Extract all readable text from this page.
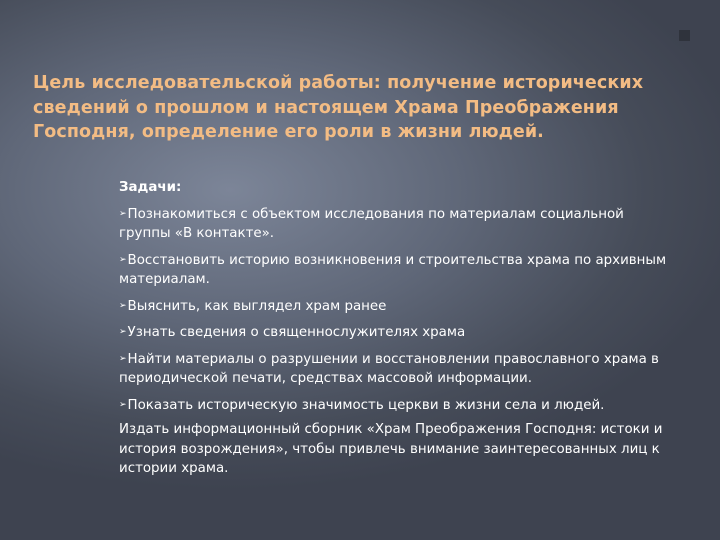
Цель исследовательской работы: получение исторических сведений о прошлом и настоящем Храма Преображения Господня, определение его роли в жизни людей.
Задачи:
➢Познакомиться с объектом исследования по материалам социальной группы «В контакте».
➢Восстановить историю возникновения и строительства храма по архивным материалам.
➢Выяснить, как выглядел храм ранее
➢Узнать сведения о священнослужителях храма
➢Найти материалы о разрушении и восстановлении православного храма в периодической печати, средствах массовой информации.
➢Показать историческую значимость церкви в жизни села и людей.

Издать информационный сборник «Храм Преображения Господня: истоки и история возрождения», чтобы привлечь внимание заинтересованных лиц к истории храма.
